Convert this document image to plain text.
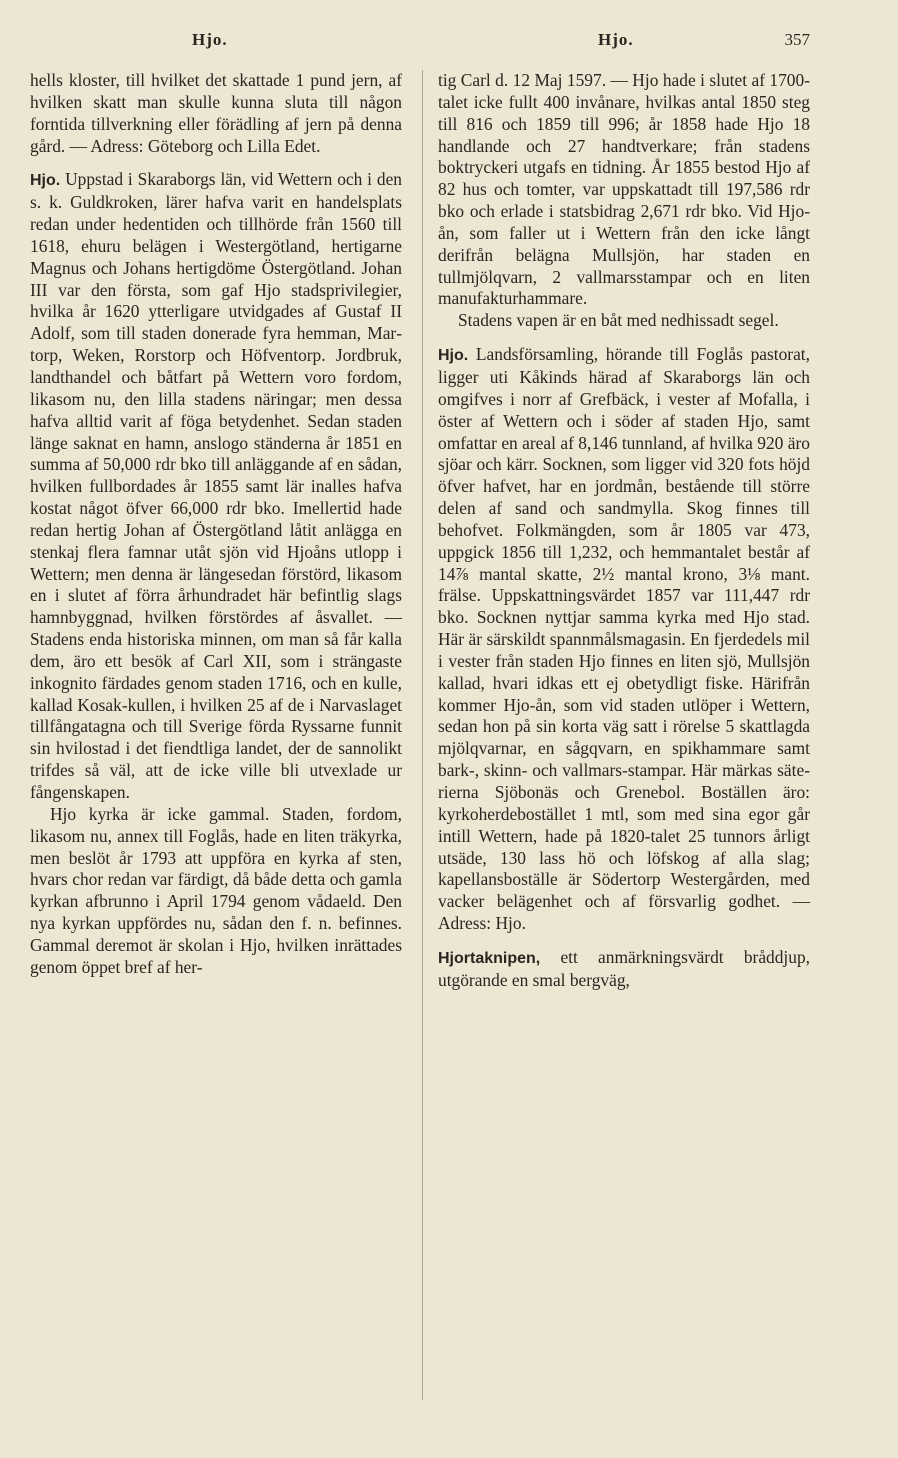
Hjo.	Hjo.	357

hells kloster, till hvilket det skattade 1 pund jern, af hvilken skatt man skulle kunna sluta till någon forntida tillverkning eller förädling af jern på denna gård. — Adress: Göteborg och Lilla Edet.

Hjo. Uppstad i Skaraborgs län, vid Wettern och i den s. k. Guldkroken, lärer hafva varit en handelsplats redan under hedentiden och tillhörde från 1560 till 1618, ehuru belägen i Westergötland, hertigarne Magnus och Johans hertigdöme Östergötland. Johan III var den första, som gaf Hjo stadsprivilegier, hvilka år 1620 ytterligare utvidgades af Gustaf II Adolf, som till staden donerade fyra hemman, Martorp, Weken, Rorstorp och Höfventorp. Jordbruk, landthandel och båtfart på Wettern voro fordom, likasom nu, den lilla stadens näringar; men dessa hafva alltid varit af föga betydenhet. Sedan staden länge saknat en hamn, anslogo ständerna år 1851 en summa af 50,000 rdr bko till anläggande af en sådan, hvilken fullbordades år 1855 samt lär inalles hafva kostat något öfver 66,000 rdr bko. Imellertid hade redan hertig Johan af Östergötland låtit anlägga en stenkaj flera famnar utåt sjön vid Hjoåns utlopp i Wettern; men denna är längesedan förstörd, likasom en i slutet af förra århundradet här befintlig slags hamnbyggnad, hvilken förstördes af åsvallet. — Stadens enda historiska minnen, om man så får kalla dem, äro ett besök af Carl XII, som i strängaste inkognito färdades genom staden 1716, och en kulle, kallad Kosak-kullen, i hvilken 25 af de i Narvaslaget tillfångatagna och till Sverige förda Ryssarne funnit sin hvilostad i det fiendtliga landet, der de sannolikt trifdes så väl, att de icke ville bli utvexlade ur fångenskapen.

Hjo kyrka är icke gammal. Staden, fordom, likasom nu, annex till Foglås, hade en liten träkyrka, men beslöt år 1793 att uppföra en kyrka af sten, hvars chor redan var färdigt, då både detta och gamla kyrkan afbrunno i April 1794 genom vådaeld. Den nya kyrkan uppfördes nu, sådan den f. n. befinnes. Gammal deremot är skolan i Hjo, hvilken inrättades genom öppet bref af her-

tig Carl d. 12 Maj 1597. — Hjo hade i slutet af 1700-talet icke fullt 400 invånare, hvilkas antal 1850 steg till 816 och 1859 till 996; år 1858 hade Hjo 18 handlande och 27 handtverkare; från stadens boktryckeri utgafs en tidning. År 1855 bestod Hjo af 82 hus och tomter, var uppskattadt till 197,586 rdr bko och erlade i statsbidrag 2,671 rdr bko. Vid Hjo-ån, som faller ut i Wettern från den icke långt derifrån belägna Mullsjön, har staden en tullmjölqvarn, 2 vallmarsstampar och en liten manufakturhammare.

Stadens vapen är en båt med nedhissadt segel.

Hjo. Landsförsamling, hörande till Foglås pastorat, ligger uti Kåkinds härad af Skaraborgs län och omgifves i norr af Grefbäck, i vester af Mofalla, i öster af Wettern och i söder af staden Hjo, samt omfattar en areal af 8,146 tunnland, af hvilka 920 äro sjöar och kärr. Socknen, som ligger vid 320 fots höjd öfver hafvet, har en jordmån, bestående till större delen af sand och sandmylla. Skog finnes till behofvet. Folkmängden, som år 1805 var 473, uppgick 1856 till 1,232, och hemmantalet består af 14⅞ mantal skatte, 2½ mantal krono, 3⅛ mant. frälse. Uppskattningsvärdet 1857 var 111,447 rdr bko. Socknen nyttjar samma kyrka med Hjo stad. Här är särskildt spannmålsmagasin. En fjerdedels mil i vester från staden Hjo finnes en liten sjö, Mullsjön kallad, hvari idkas ett ej obetydligt fiske. Härifrån kommer Hjo-ån, som vid staden utlöper i Wettern, sedan hon på sin korta väg satt i rörelse 5 skattlagda mjölqvarnar, en sågqvarn, en spikhammare samt bark-, skinn- och vallmars-stampar. Här märkas säterierna Sjöbonäs och Grenebol. Boställen äro: kyrkoherdebostället 1 mtl, som med sina egor går intill Wettern, hade på 1820-talet 25 tunnors årligt utsäde, 130 lass hö och löfskog af alla slag; kapellansboställe är Södertorp Westergården, med vacker belägenhet och af försvarlig godhet. — Adress: Hjo.

Hjortaknipen, ett anmärkningsvärdt bråddjup, utgörande en smal bergväg,
